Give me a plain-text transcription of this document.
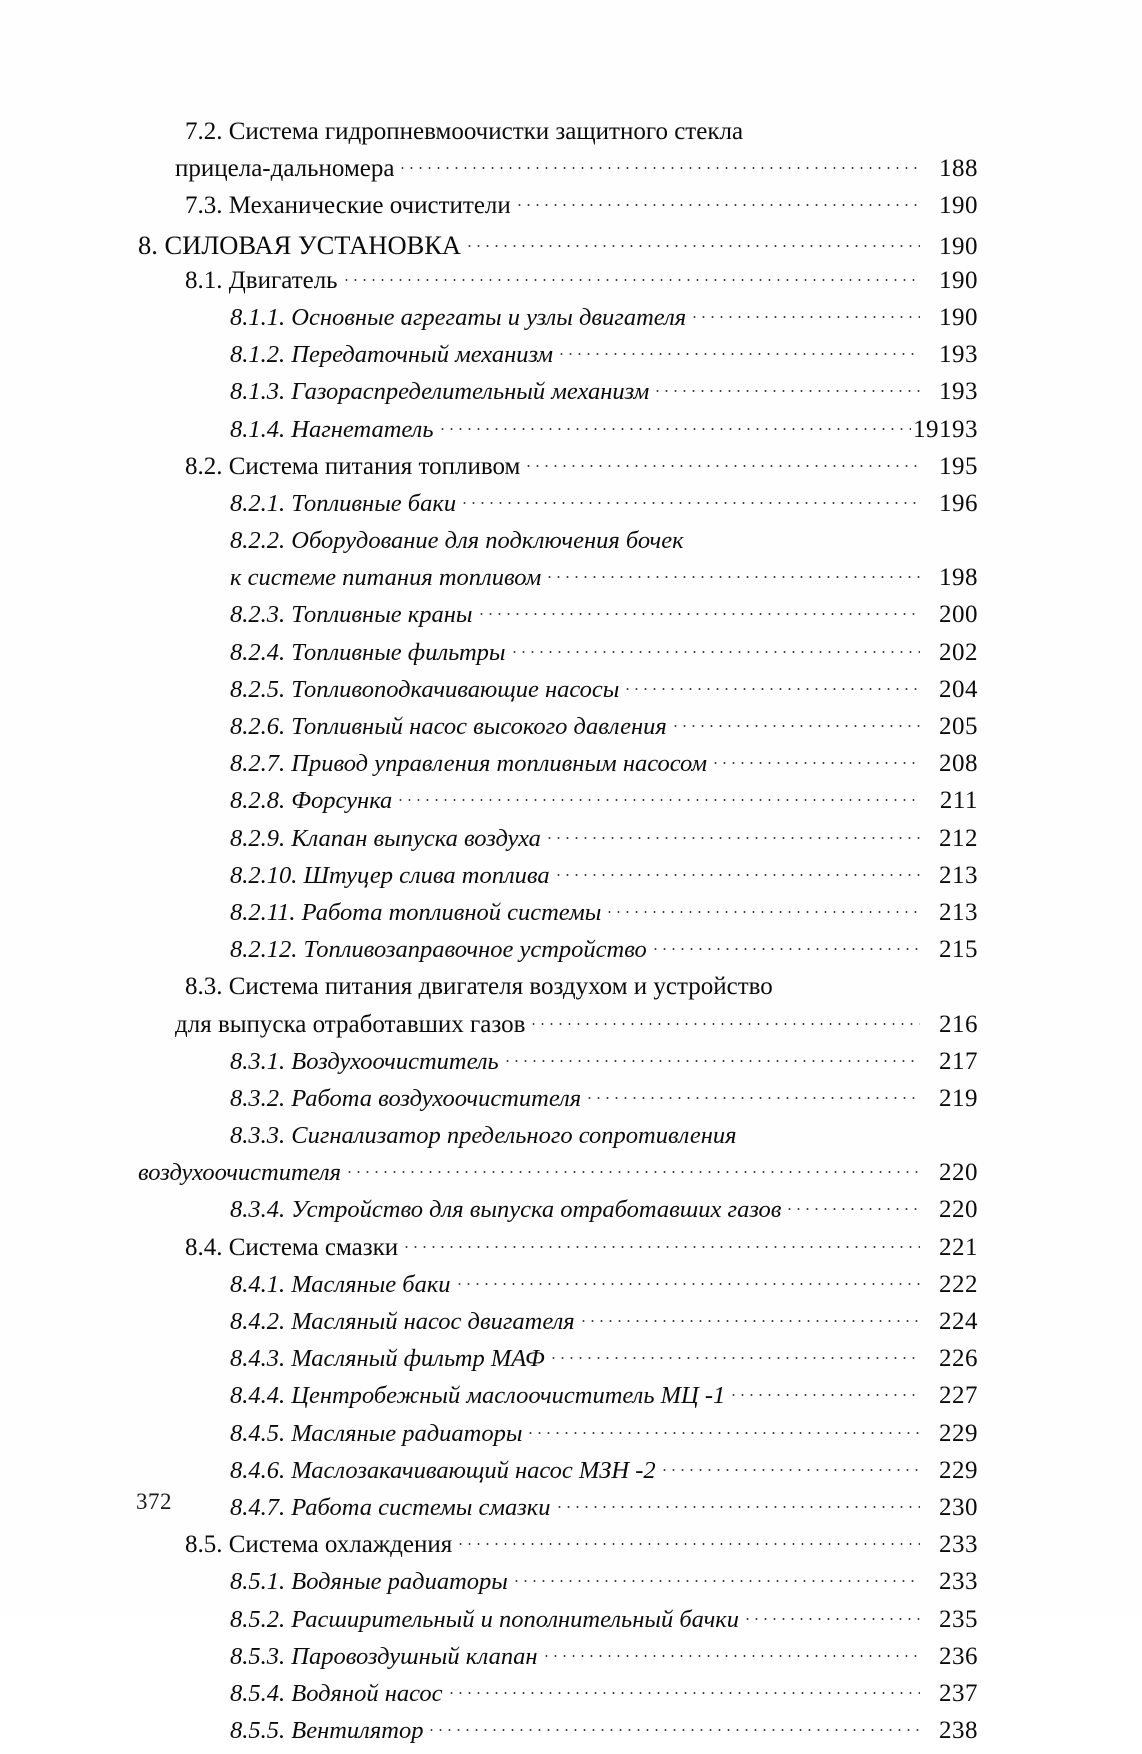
7.2. Система гидропневмоочистки защитного стекла
прицела-дальномера	188
7.3. Механические очистители	190
8. СИЛОВАЯ УСТАНОВКА	190
8.1. Двигатель	190
8.1.1. Основные агрегаты и узлы двигателя	190
8.1.2. Передаточный механизм	193
8.1.3. Газораспределительный механизм	193
8.1.4. Нагнетатель	19193
8.2. Система питания топливом	195
8.2.1. Топливные баки	196
8.2.2. Оборудование для подключения бочек
к системе питания топливом	198
8.2.3. Топливные краны	200
8.2.4. Топливные фильтры	202
8.2.5. Топливоподкачивающие насосы	204
8.2.6. Топливный насос высокого давления	205
8.2.7. Привод управления топливным насосом	208
8.2.8. Форсунка	211
8.2.9. Клапан выпуска воздуха	212
8.2.10. Штуцер слива топлива	213
8.2.11. Работа топливной системы	213
8.2.12. Топливозаправочное устройство	215
8.3. Система питания двигателя воздухом и устройство
для выпуска отработавших газов	216
8.3.1. Воздухоочиститель	217
8.3.2. Работа воздухоочистителя	219
8.3.3. Сигнализатор предельного сопротивления
воздухоочистителя	220
8.3.4. Устройство для выпуска отработавших газов	220
8.4. Система смазки	221
8.4.1. Масляные баки	222
8.4.2. Масляный насос двигателя	224
8.4.3. Масляный фильтр МАФ	226
8.4.4. Центробежный маслоочиститель МЦ -1	227
8.4.5. Масляные радиаторы	229
8.4.6. Маслозакачивающий насос МЗН -2	229
8.4.7. Работа системы смазки	230
8.5. Система охлаждения	233
8.5.1. Водяные радиаторы	233
8.5.2. Расширительный и пополнительный бачки	235
8.5.3. Паровоздушный клапан	236
8.5.4. Водяной насос	237
8.5.5. Вентилятор	238
372
